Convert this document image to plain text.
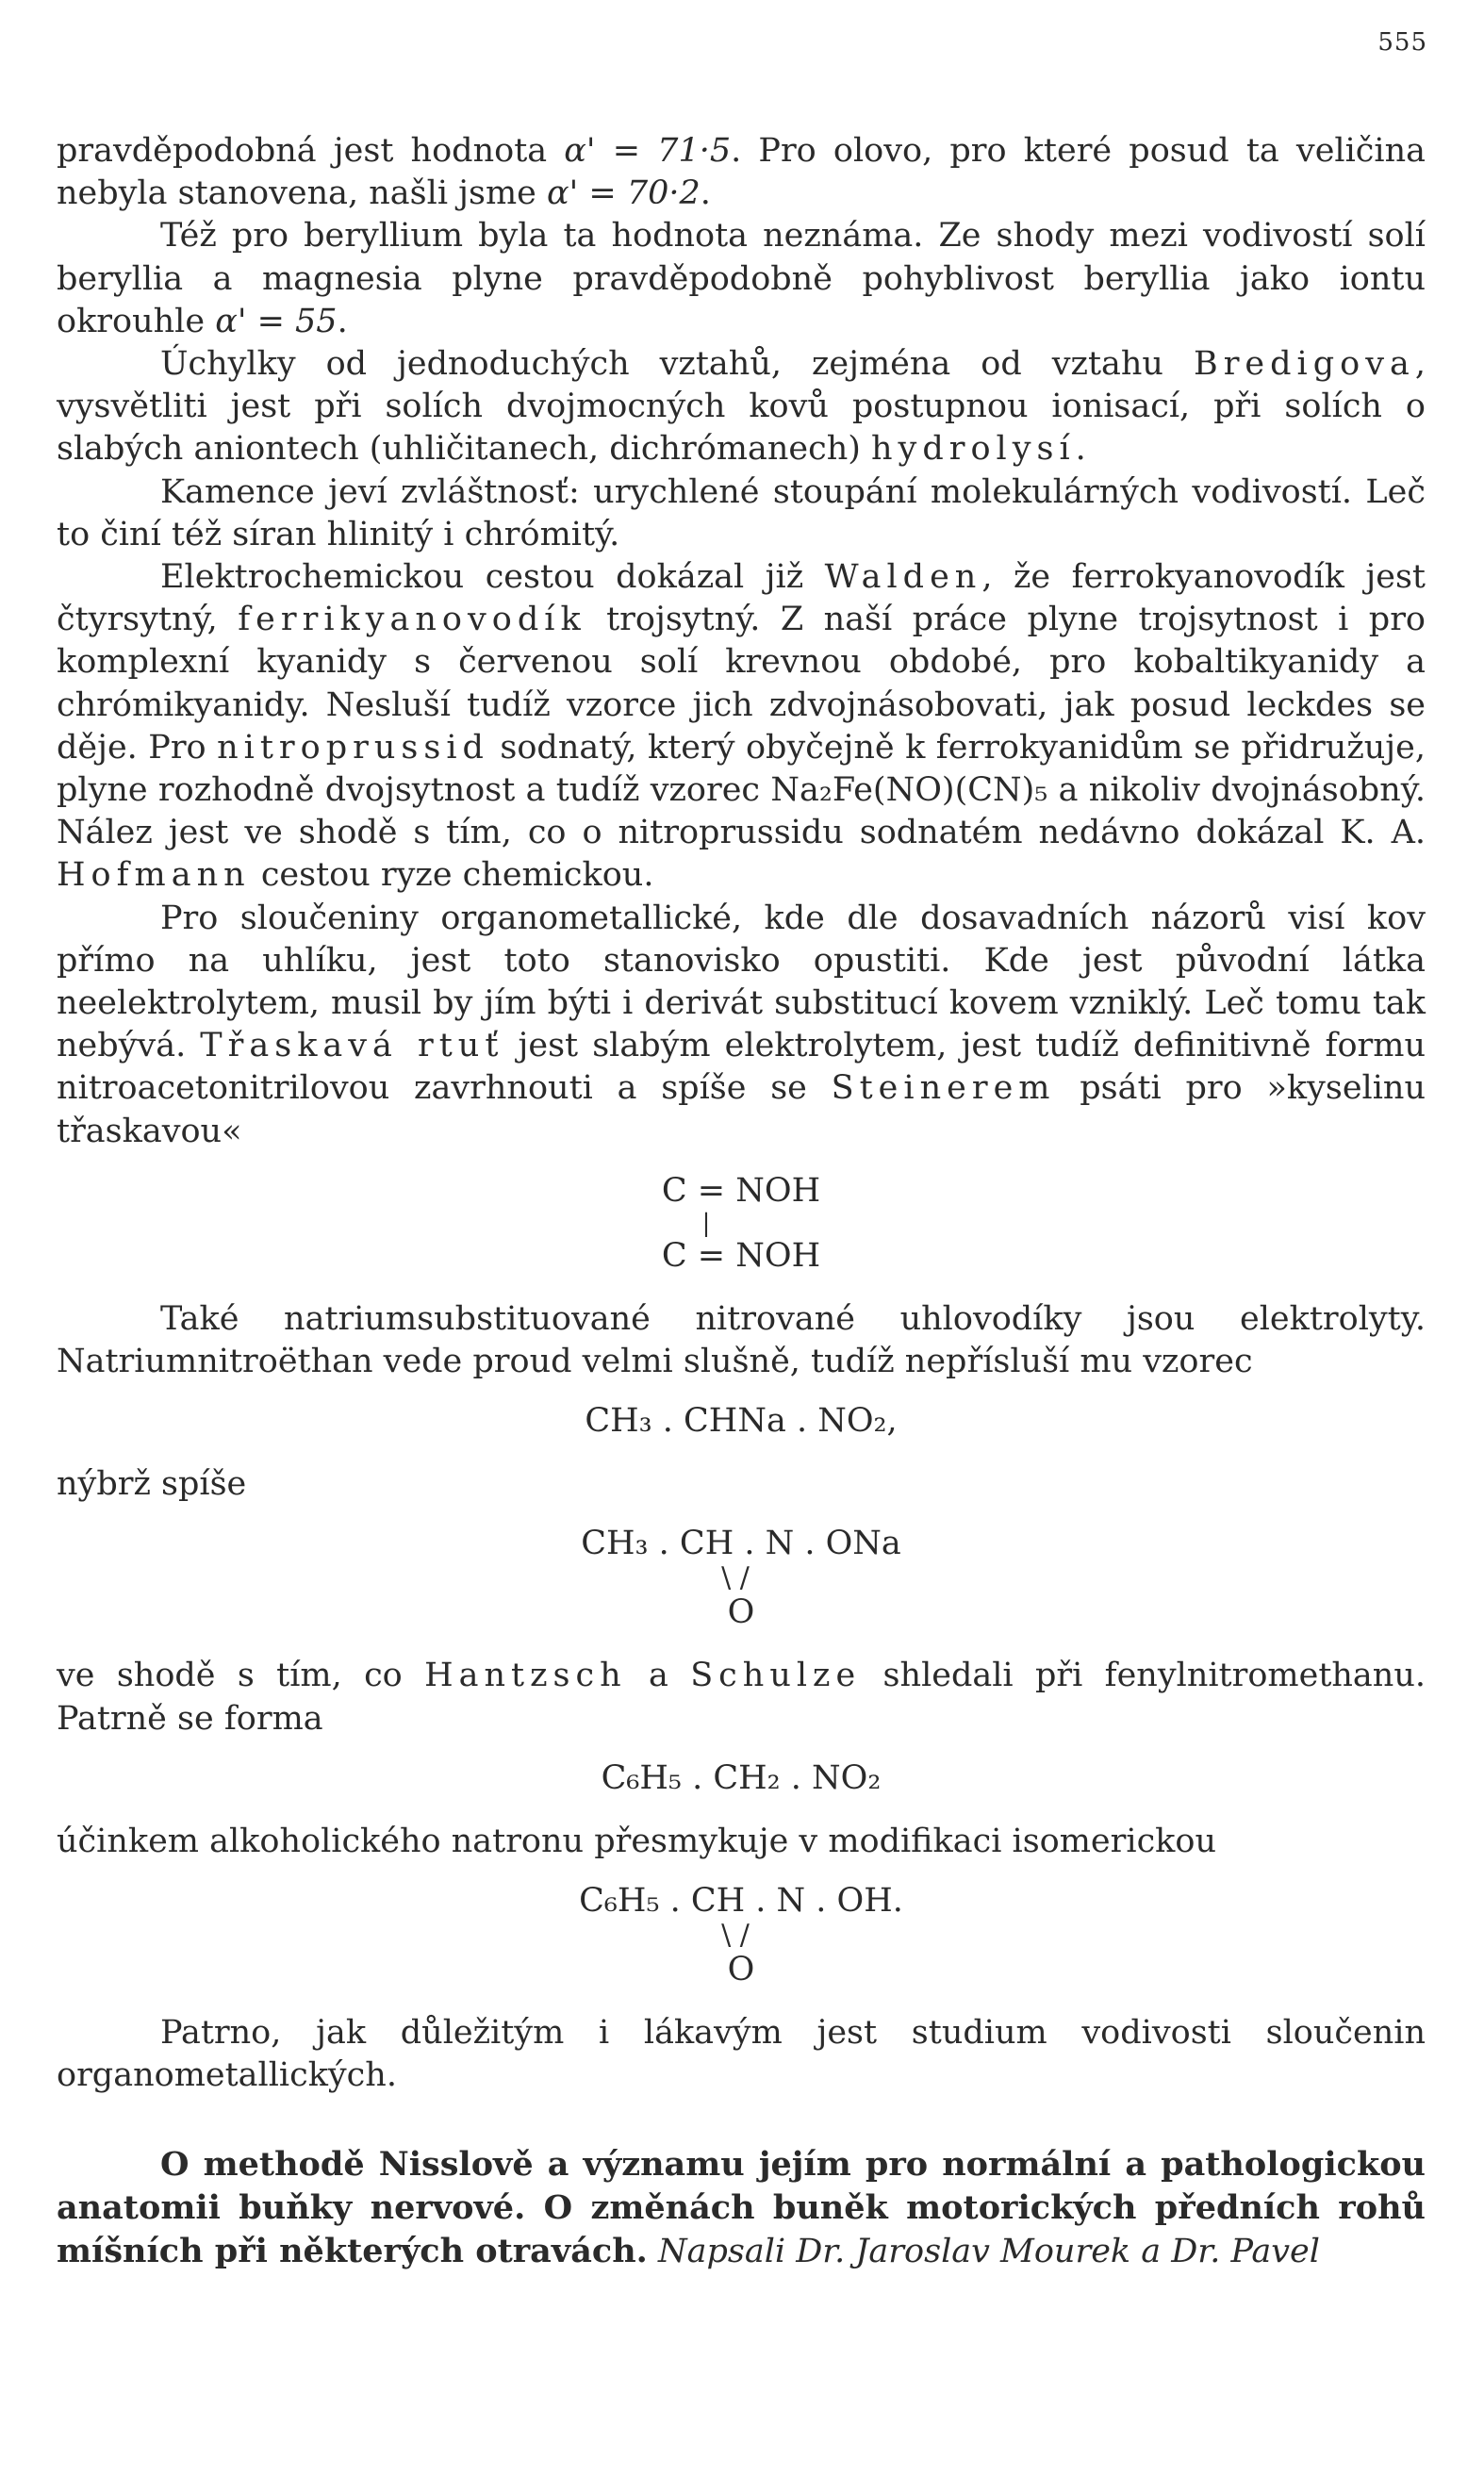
555

pravděpodobná jest hodnota α' = 71·5. Pro olovo, pro které posud ta veličina nebyla stanovena, našli jsme α' = 70·2.

Též pro beryllium byla ta hodnota neznáma. Ze shody mezi vodivostí solí beryllia a magnesia plyne pravděpodobně pohyblivost beryllia jako iontu okrouhle α' = 55.

Úchylky od jednoduchých vztahů, zejména od vztahu Bredigova, vysvětliti jest při solích dvojmocných kovů postupnou ionisací, při solích o slabých aniontech (uhličitanech, dichrómanech) hydrolysí.

Kamence jeví zvláštnosť: urychlené stoupání molekulárných vodivostí. Leč to činí též síran hlinitý i chrómitý.

Elektrochemickou cestou dokázal již Walden, že ferrokyanovodík jest čtyrsytný, ferrikyanovodík trojsytný. Z naší práce plyne trojsytnost i pro komplexní kyanidy s červenou solí krevnou obdobé, pro kobaltikyanidy a chrómikyanidy. Nesluší tudíž vzorce jich zdvojnásobovati, jak posud leckdes se děje. Pro nitroprussid sodnatý, který obyčejně k ferrokyanidům se přidružuje, plyne rozhodně dvojsytnost a tudíž vzorec Na₂Fe(NO)(CN)₅ a nikoliv dvojnásobný. Nález jest ve shodě s tím, co o nitroprussidu sodnatém nedávno dokázal K. A. Hofmann cestou ryze chemickou.

Pro sloučeniny organometallické, kde dle dosavadních názorů visí kov přímo na uhlíku, jest toto stanovisko opustiti. Kde jest původní látka neelektrolytem, musil by jím býti i derivát substitucí kovem vzniklý. Leč tomu tak nebývá. Třaskavá rtuť jest slabým elektrolytem, jest tudíž definitivně formu nitroacetonitrilovou zavrhnouti a spíše se Steinerem psáti pro »kyselinu třaskavou«

C = NOH
|
C = NOH

Také natriumsubstituované nitrované uhlovodíky jsou elektrolyty. Natriumnitroëthan vede proud velmi slušně, tudíž nepřísluší mu vzorec

CH₃ . CHNa . NO₂,

nýbrž spíše

CH₃ . CH . N . ONa
\ /
O

ve shodě s tím, co Hantzsch a Schulze shledali při fenylnitromethanu. Patrně se forma

C₆H₅ . CH₂ . NO₂

účinkem alkoholického natronu přesmykuje v modifikaci isomerickou

C₆H₅ . CH . N . OH.
\ /
O

Patrno, jak důležitým i lákavým jest studium vodivosti sloučenin organometallických.

O methodě Nisslově a významu jejím pro normální a pathologickou anatomii buňky nervové. O změnách buněk motorických předních rohů míšních při některých otravách. Napsali Dr. Jaroslav Mourek a Dr. Pavel
